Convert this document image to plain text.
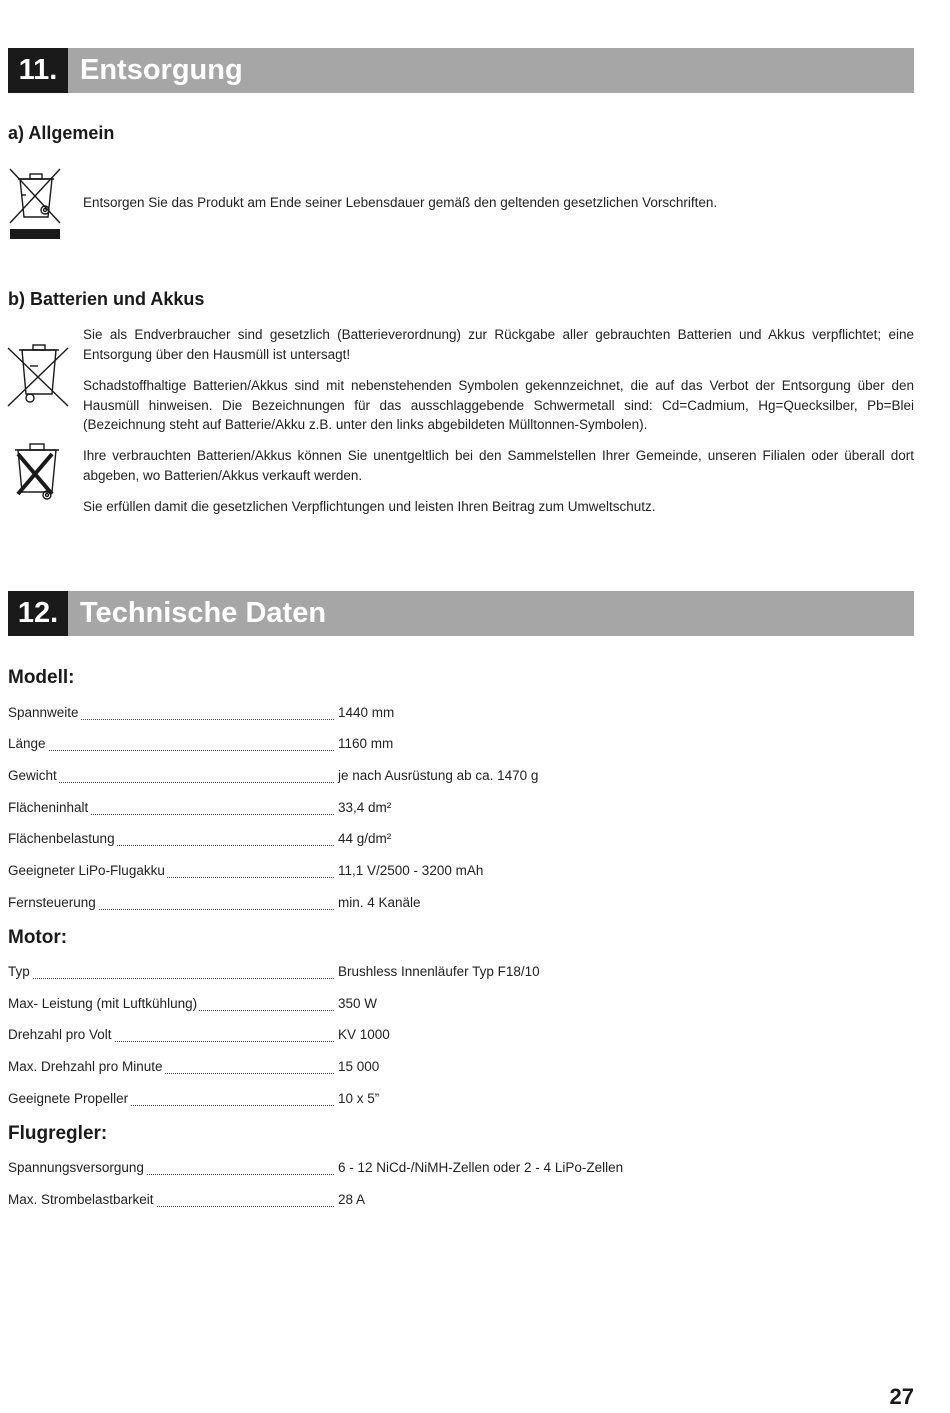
11. Entsorgung
a) Allgemein
Entsorgen Sie das Produkt am Ende seiner Lebensdauer gemäß den geltenden gesetzlichen Vorschriften.
b) Batterien und Akkus
Sie als Endverbraucher sind gesetzlich (Batterieverordnung) zur Rückgabe aller gebrauchten Batterien und Akkus verpflichtet; eine Entsorgung über den Hausmüll ist untersagt!
Schadstoffhaltige Batterien/Akkus sind mit nebenstehenden Symbolen gekennzeichnet, die auf das Verbot der Entsorgung über den Hausmüll hinweisen. Die Bezeichnungen für das ausschlaggebende Schwermetall sind: Cd=Cadmium, Hg=Quecksilber, Pb=Blei (Bezeichnung steht auf Batterie/Akku z.B. unter den links abgebildeten Mülltonnen-Symbolen).
Ihre verbrauchten Batterien/Akkus können Sie unentgeltlich bei den Sammelstellen Ihrer Gemeinde, unseren Filialen oder überall dort abgeben, wo Batterien/Akkus verkauft werden.
Sie erfüllen damit die gesetzlichen Verpflichtungen und leisten Ihren Beitrag zum Umweltschutz.
12. Technische Daten
Modell:
Spannweite	1440 mm
Länge	1160 mm
Gewicht	je nach Ausrüstung ab ca. 1470 g
Flächeninhalt	33,4 dm²
Flächenbelastung	44 g/dm²
Geeigneter LiPo-Flugakku	11,1 V/2500 - 3200 mAh
Fernsteuerung	min. 4 Kanäle
Motor:
Typ	Brushless Innenläufer Typ F18/10
Max- Leistung (mit Luftkühlung)	350 W
Drehzahl pro Volt	KV 1000
Max. Drehzahl pro Minute	15 000
Geeignete Propeller	10 x 5”
Flugregler:
Spannungsversorgung	6 - 12 NiCd-/NiMH-Zellen oder 2 - 4 LiPo-Zellen
Max. Strombelastbarkeit	28 A
27
